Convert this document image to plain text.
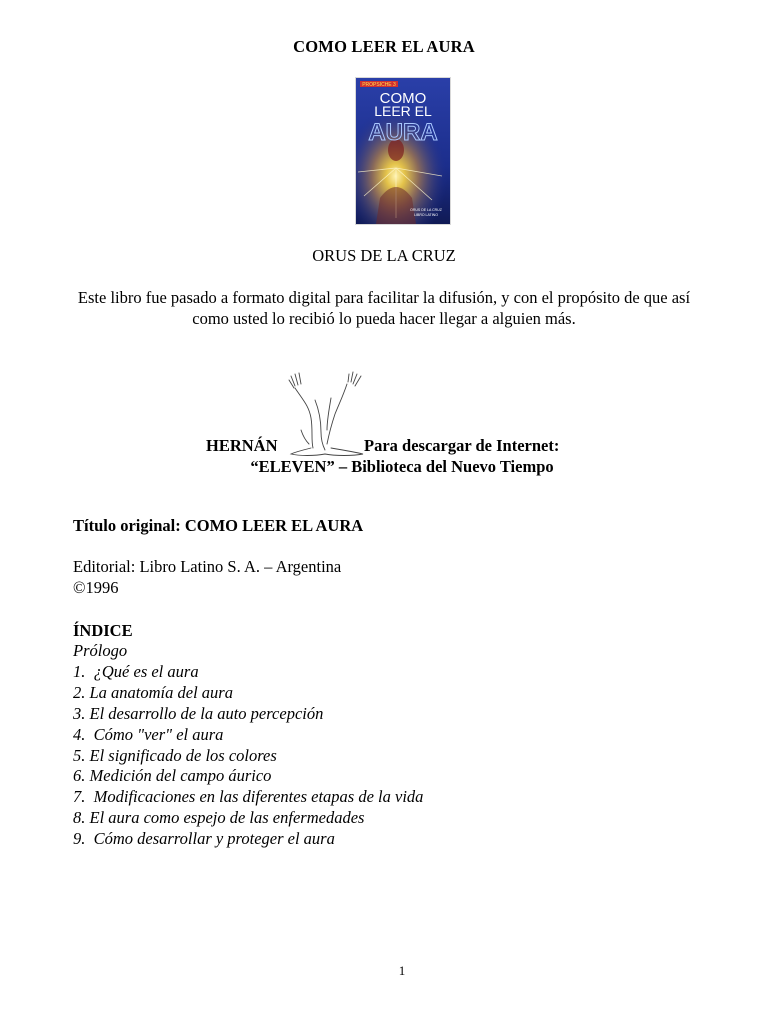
COMO LEER EL AURA
PROPSICHE 3
COMO
LEER EL
AURA
ORUS DE LA CRUZ
LIBRO LATINO
ORUS DE LA CRUZ
Este libro fue pasado a formato digital para facilitar la difusión, y con el propósito de que así como usted lo recibió lo pueda hacer llegar a alguien más.
HERNÁN	Para descargar de Internet:
“ELEVEN” – Biblioteca del Nuevo Tiempo
Título original: COMO LEER EL AURA
Editorial: Libro Latino S. A. – Argentina
©1996
ÍNDICE
Prólogo
1.  ¿Qué es el aura
2. La anatomía del aura
3. El desarrollo de la auto percepción
4.  Cómo "ver" el aura
5. El significado de los colores
6. Medición del campo áurico
7.  Modificaciones en las diferentes etapas de la vida
8. El aura como espejo de las enfermedades
9.  Cómo desarrollar y proteger el aura
1
